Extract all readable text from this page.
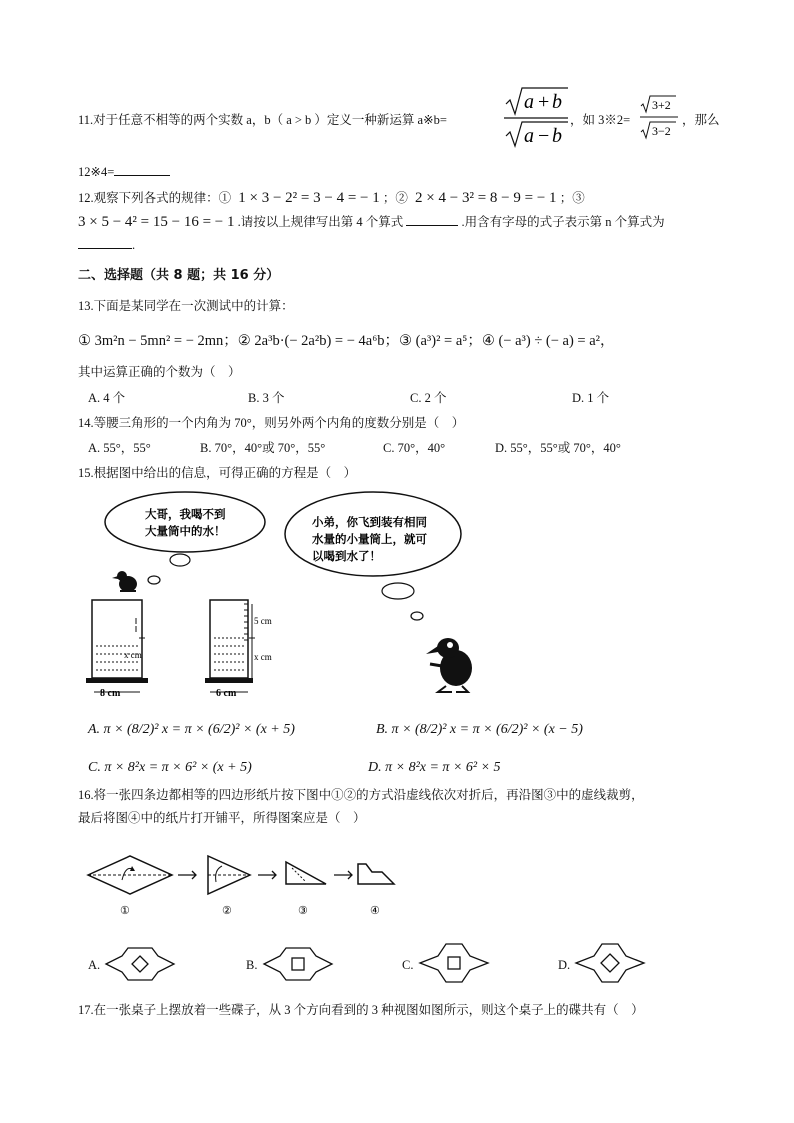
11.对于任意不相等的两个实数 a，b（ a > b ）定义一种新运算 a※b=
a + b
a − b
，如 3※2=
3+2
3−2
，那么
12※4=
12.观察下列各式的规律：① 1 × 3 − 2² = 3 − 4 = − 1 ；② 2 × 4 − 3² = 8 − 9 = − 1 ；③
3 × 5 − 4² = 15 − 16 = − 1 .请按以上规律写出第 4 个算式	.用含有字母的式子表示第 n 个算式为
.
二、选择题（共 8 题；共 16 分）
13.下面是某同学在一次测试中的计算：
① 3m²n − 5mn² = − 2mn；② 2a³b·(− 2a²b) = − 4a⁶b；③ (a³)² = a⁵；④ (− a³) ÷ (− a) = a²，
其中运算正确的个数为（　）
A. 4 个	B. 3 个	C. 2 个	D. 1 个
14.等腰三角形的一个内角为 70°，则另外两个内角的度数分别是（　）
A. 55°，55°	B. 70°，40°或 70°，55°	C. 70°，40°	D. 55°，55°或 70°，40°
15.根据图中给出的信息，可得正确的方程是（　）
大哥，我喝不到
大量筒中的水！
小弟，你飞到装有相同
水量的小量筒上，就可
以喝到水了！
8 cm
x cm
5 cm
x cm
6 cm
A. π × (8/2)² x = π × (6/2)² × (x + 5)	B. π × (8/2)² x = π × (6/2)² × (x − 5)
C. π × 8²x = π × 6² × (x + 5)	D. π × 8²x = π × 6² × 5
16.将一张四条边都相等的四边形纸片按下图中①②的方式沿虚线依次对折后，再沿图③中的虚线裁剪，
最后将图④中的纸片打开铺平，所得图案应是（　）
①	②	③	④
A.	B.	C.	D.
17.在一张桌子上摆放着一些碟子，从 3 个方向看到的 3 种视图如图所示，则这个桌子上的碟共有（　）
